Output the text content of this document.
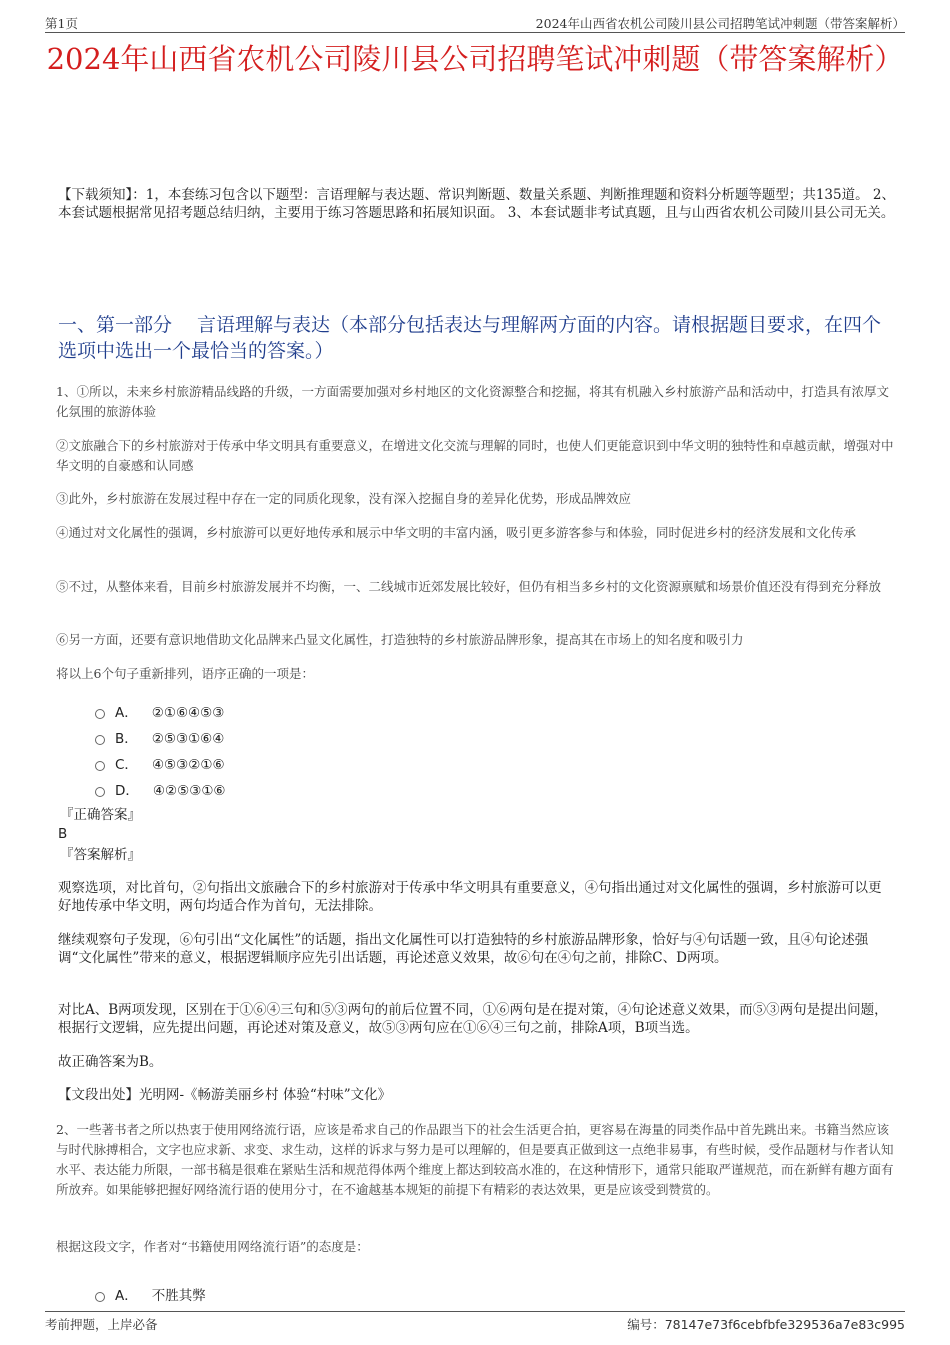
第1页	2024年山西省农机公司陵川县公司招聘笔试冲刺题（带答案解析）
2024年山西省农机公司陵川县公司招聘笔试冲刺题（带答案解析）
【下载须知】：1，本套练习包含以下题型：言语理解与表达题、常识判断题、数量关系题、判断推理题和资料分析题等题型；共135道。 2、本套试题根据常见招考题总结归纳，主要用于练习答题思路和拓展知识面。 3、本套试题非考试真题，且与山西省农机公司陵川县公司无关。
一、第一部分　 言语理解与表达（本部分包括表达与理解两方面的内容。请根据题目要求，在四个选项中选出一个最恰当的答案。）
1、①所以，未来乡村旅游精品线路的升级，一方面需要加强对乡村地区的文化资源整合和挖掘，将其有机融入乡村旅游产品和活动中，打造具有浓厚文化氛围的旅游体验
②文旅融合下的乡村旅游对于传承中华文明具有重要意义，在增进文化交流与理解的同时，也使人们更能意识到中华文明的独特性和卓越贡献，增强对中华文明的自豪感和认同感
③此外，乡村旅游在发展过程中存在一定的同质化现象，没有深入挖掘自身的差异化优势，形成品牌效应
④通过对文化属性的强调，乡村旅游可以更好地传承和展示中华文明的丰富内涵，吸引更多游客参与和体验，同时促进乡村的经济发展和文化传承
⑤不过，从整体来看，目前乡村旅游发展并不均衡，一、二线城市近郊发展比较好，但仍有相当多乡村的文化资源禀赋和场景价值还没有得到充分释放
⑥另一方面，还要有意识地借助文化品牌来凸显文化属性，打造独特的乡村旅游品牌形象，提高其在市场上的知名度和吸引力
将以上6个句子重新排列，语序正确的一项是：
A． ②①⑥④⑤③
B． ②⑤③①⑥④
C． ④⑤③②①⑥
D． ④②⑤③①⑥
『正确答案』
B
『答案解析』
观察选项，对比首句，②句指出文旅融合下的乡村旅游对于传承中华文明具有重要意义，④句指出通过对文化属性的强调，乡村旅游可以更好地传承中华文明，两句均适合作为首句，无法排除。
继续观察句子发现，⑥句引出“文化属性”的话题，指出文化属性可以打造独特的乡村旅游品牌形象，恰好与④句话题一致，且④句论述强调“文化属性”带来的意义，根据逻辑顺序应先引出话题，再论述意义效果，故⑥句在④句之前，排除C、D两项。
对比A、B两项发现，区别在于①⑥④三句和⑤③两句的前后位置不同，①⑥两句是在提对策，④句论述意义效果，而⑤③两句是提出问题，根据行文逻辑，应先提出问题，再论述对策及意义，故⑤③两句应在①⑥④三句之前，排除A项，B项当选。
故正确答案为B。
【文段出处】光明网-《畅游美丽乡村 体验“村味”文化》
2、一些著书者之所以热衷于使用网络流行语，应该是希求自己的作品跟当下的社会生活更合拍，更容易在海量的同类作品中首先跳出来。书籍当然应该与时代脉搏相合，文字也应求新、求变、求生动，这样的诉求与努力是可以理解的，但是要真正做到这一点绝非易事，有些时候，受作品题材与作者认知水平、表达能力所限，一部书稿是很难在紧贴生活和规范得体两个维度上都达到较高水准的，在这种情形下，通常只能取严谨规范，而在新鲜有趣方面有所放弃。如果能够把握好网络流行语的使用分寸，在不逾越基本规矩的前提下有精彩的表达效果，更是应该受到赞赏的。
根据这段文字，作者对“书籍使用网络流行语”的态度是：
A． 不胜其弊
考前押题，上岸必备	编号：78147e73f6cebfbfe329536a7e83c995
